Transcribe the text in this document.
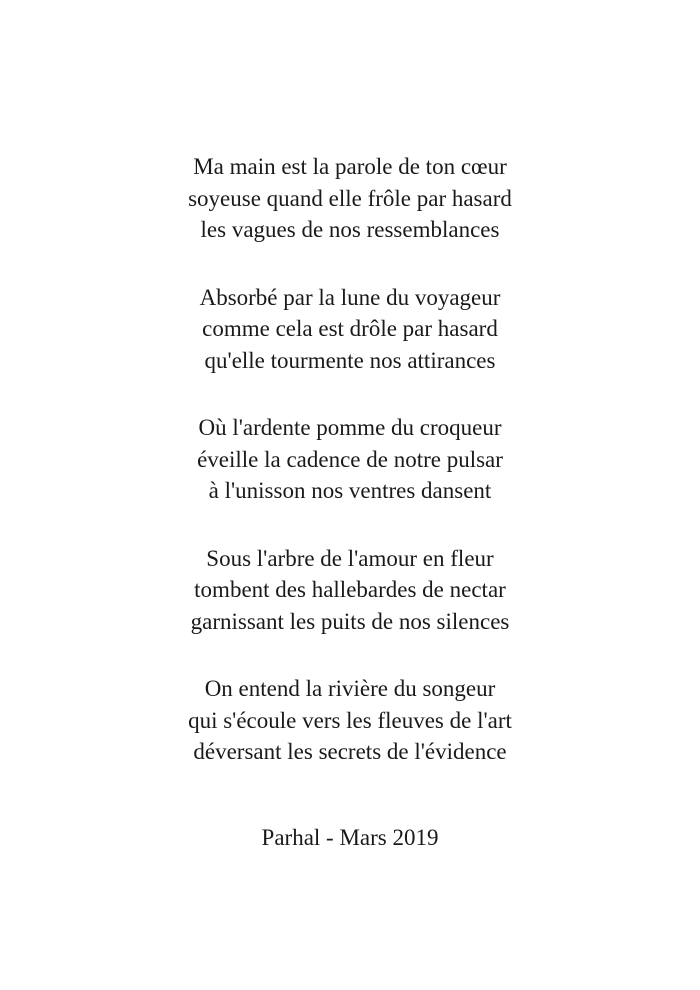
Ma main est la parole de ton cœur
soyeuse quand elle frôle par hasard
les vagues de nos ressemblances
Absorbé par la lune du voyageur
comme cela est drôle par hasard
qu'elle tourmente nos attirances
Où l'ardente pomme du croqueur
éveille la cadence de notre pulsar
à l'unisson nos ventres dansent
Sous l'arbre de l'amour en fleur
tombent des hallebardes de nectar
garnissant les puits de nos silences
On entend la rivière du songeur
qui s'écoule vers les fleuves de l'art
déversant les secrets de l'évidence
Parhal - Mars 2019
